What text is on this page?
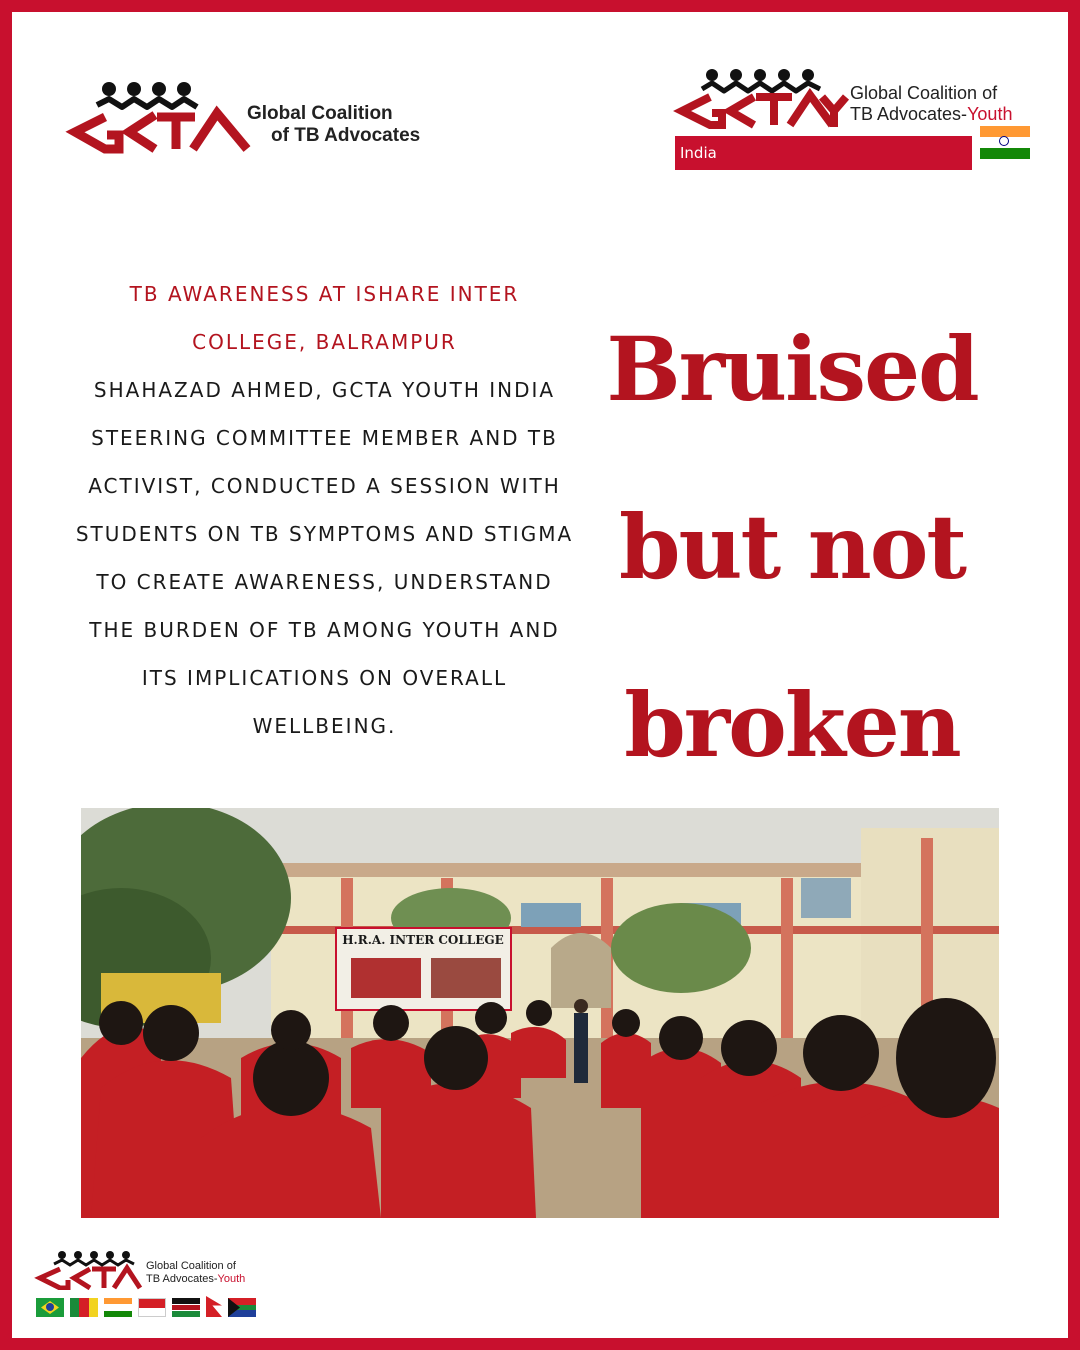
Global Coalition
of TB Advocates
Global Coalition of
TB Advocates-Youth
India
TB AWARENESS AT ISHARE INTER COLLEGE, BALRAMPUR
SHAHAZAD AHMED, GCTA YOUTH INDIA STEERING COMMITTEE MEMBER AND TB ACTIVIST, CONDUCTED A SESSION WITH STUDENTS ON TB SYMPTOMS AND STIGMA TO CREATE AWARENESS, UNDERSTAND THE BURDEN OF TB AMONG YOUTH AND ITS IMPLICATIONS ON OVERALL WELLBEING.
Bruised
but not
broken
H.R.A. INTER COLLEGE
Global Coalition of
TB Advocates-Youth
